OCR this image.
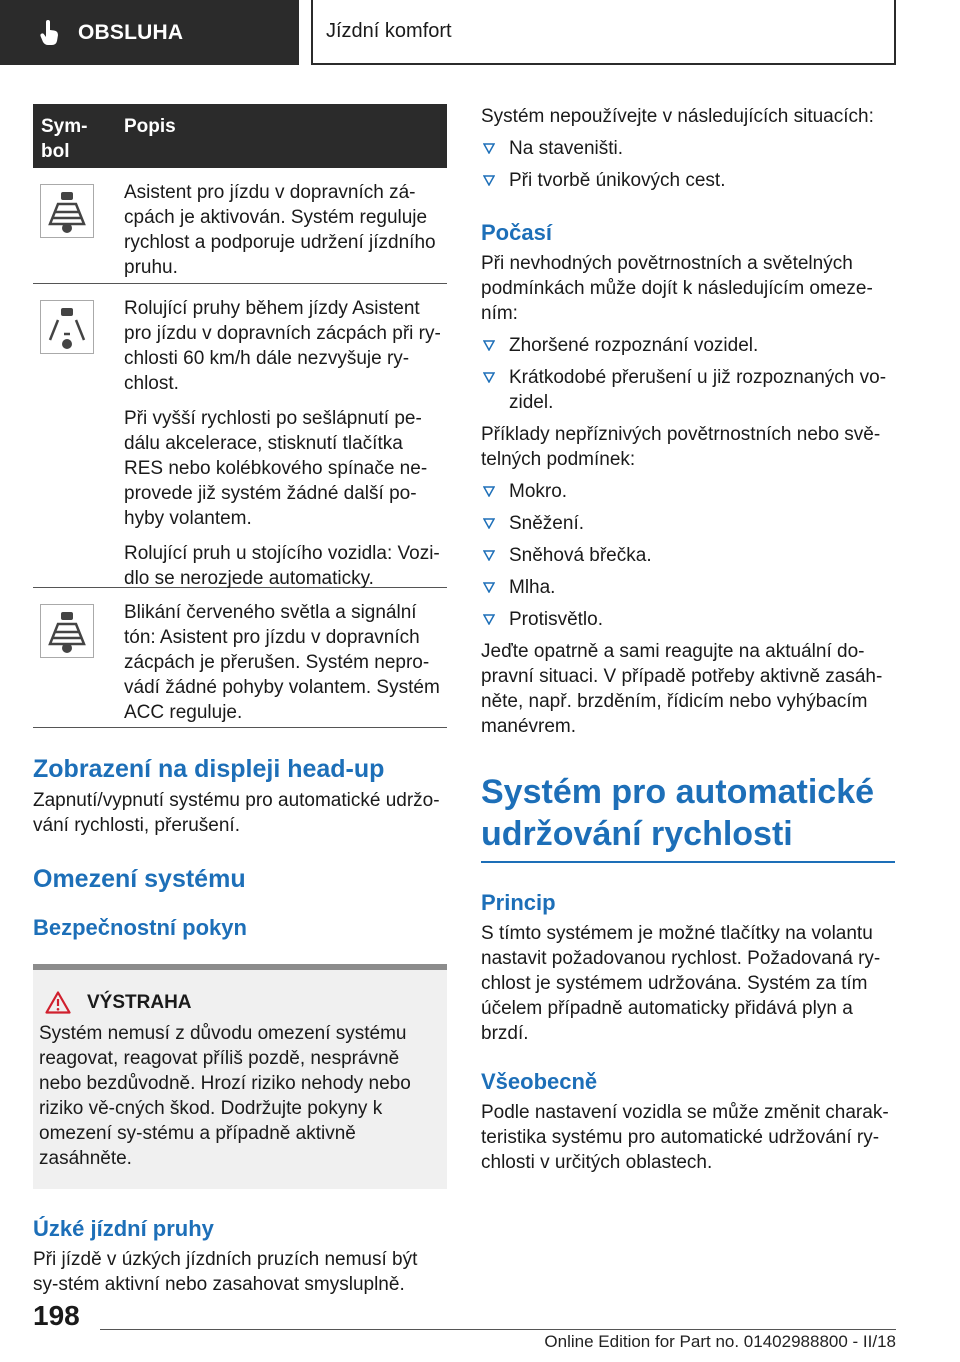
OBSLUHA	Jízdní komfort
Sym-
bol
Popis

Asistent pro jízdu v dopravních zá-cpách je aktivován. Systém reguluje rychlost a podporuje udržení jízdního pruhu.

Rolující pruhy během jízdy Asistent pro jízdu v dopravních zácpách při ry-chlosti 60 km/h dále nezvyšuje ry-chlost.

Při vyšší rychlosti po sešlápnutí pe-dálu akcelerace, stisknutí tlačítka RES nebo kolébkového spínače ne-provede již systém žádné další po-hyby volantem.

Rolující pruh u stojícího vozidla: Vozi-dlo se nerozjede automaticky.

Blikání červeného světla a signální tón: Asistent pro jízdu v dopravních zácpách je přerušen. Systém nepro-vádí žádné pohyby volantem. Systém ACC reguluje.

Zobrazení na displeji head-up

Zapnutí/vypnutí systému pro automatické udržo-vání rychlosti, přerušení.

Omezení systému
Bezpečnostní pokyn
VÝSTRAHA

Systém nemusí z důvodu omezení systému reagovat, reagovat příliš pozdě, nesprávně nebo bezdůvodně. Hrozí riziko nehody nebo riziko vě-cných škod. Dodržujte pokyny k omezení sy-stému a případně aktivně zasáhněte.

Úzké jízdní pruhy

Při jízdě v úzkých jízdních pruzích nemusí být sy-stém aktivní nebo zasahovat smysluplně.

Systém nepoužívejte v následujících situacích:

Na staveništi.
Při tvorbě únikových cest.
Počasí

Při nevhodných povětrnostních a světelných podmínkách může dojít k následujícím omeze-ním:

Zhoršené rozpoznání vozidel.
Krátkodobé přerušení u již rozpoznaných vo-zidel.

Příklady nepříznivých povětrnostních nebo svě-telných podmínek:

Mokro.
Sněžení.
Sněhová břečka.
Mlha.
Protisvětlo.

Jeďte opatrně a sami reagujte na aktuální do-pravní situaci. V případě potřeby aktivně zasáh-něte, např. brzděním, řídicím nebo vyhýbacím manévrem.

Systém pro automatické udržování rychlosti
Princip

S tímto systémem je možné tlačítky na volantu nastavit požadovanou rychlost. Požadovaná ry-chlost je systémem udržována. Systém za tím účelem případně automaticky přidává plyn a brzdí.

Všeobecně

Podle nastavení vozidla se může změnit charak-teristika systému pro automatické udržování ry-chlosti v určitých oblastech.

198
Online Edition for Part no. 01402988800 - II/18
